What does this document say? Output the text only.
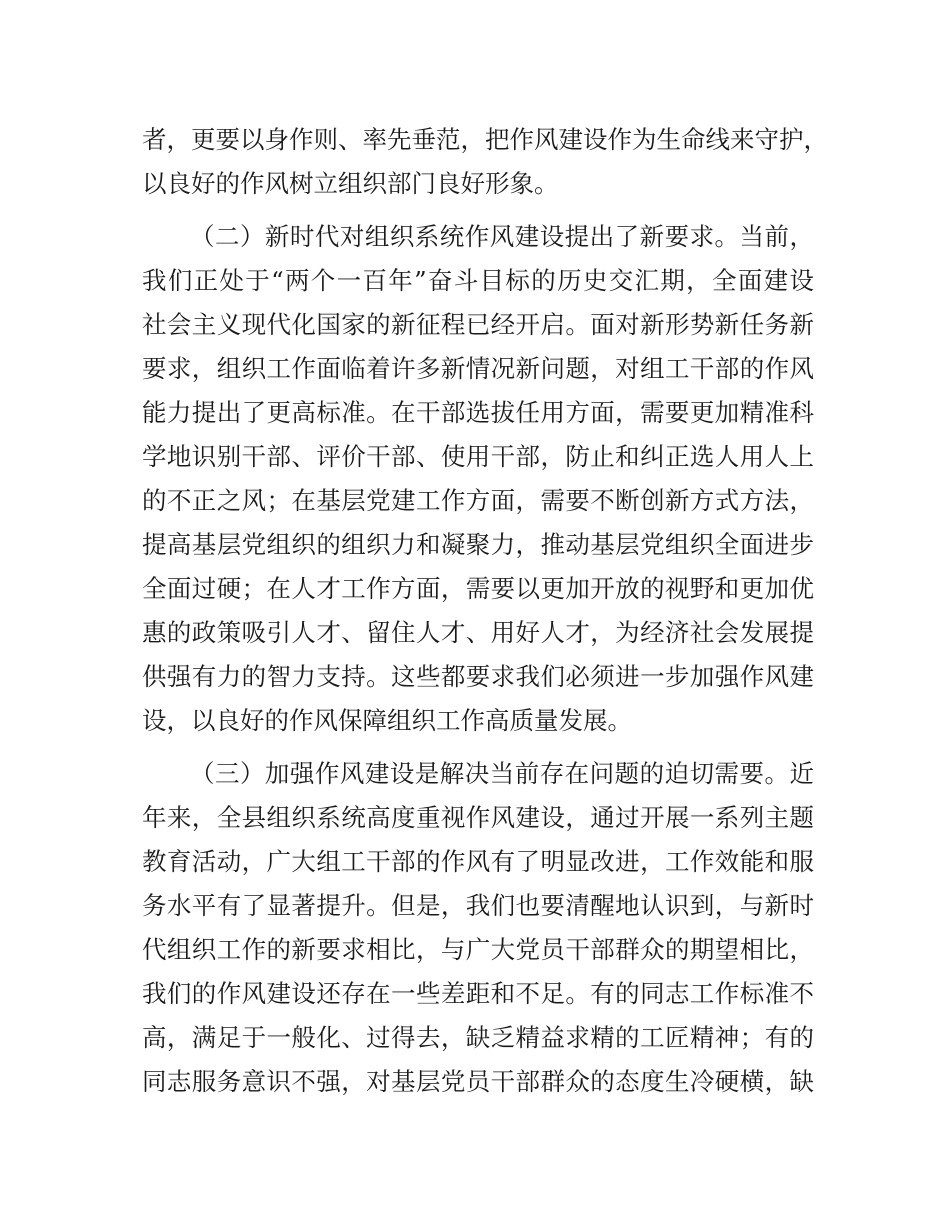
者，更要以身作则、率先垂范，把作风建设作为生命线来守护，
以良好的作风树立组织部门良好形象。
（二）新时代对组织系统作风建设提出了新要求。当前，
我们正处于“两个一百年”奋斗目标的历史交汇期，全面建设
社会主义现代化国家的新征程已经开启。面对新形势新任务新
要求，组织工作面临着许多新情况新问题，对组工干部的作风
能力提出了更高标准。在干部选拔任用方面，需要更加精准科
学地识别干部、评价干部、使用干部，防止和纠正选人用人上
的不正之风；在基层党建工作方面，需要不断创新方式方法，
提高基层党组织的组织力和凝聚力，推动基层党组织全面进步
全面过硬；在人才工作方面，需要以更加开放的视野和更加优
惠的政策吸引人才、留住人才、用好人才，为经济社会发展提
供强有力的智力支持。这些都要求我们必须进一步加强作风建
设，以良好的作风保障组织工作高质量发展。
（三）加强作风建设是解决当前存在问题的迫切需要。近
年来，全县组织系统高度重视作风建设，通过开展一系列主题
教育活动，广大组工干部的作风有了明显改进，工作效能和服
务水平有了显著提升。但是，我们也要清醒地认识到，与新时
代组织工作的新要求相比，与广大党员干部群众的期望相比，
我们的作风建设还存在一些差距和不足。有的同志工作标准不
高，满足于一般化、过得去，缺乏精益求精的工匠精神；有的
同志服务意识不强，对基层党员干部群众的态度生冷硬横，缺
